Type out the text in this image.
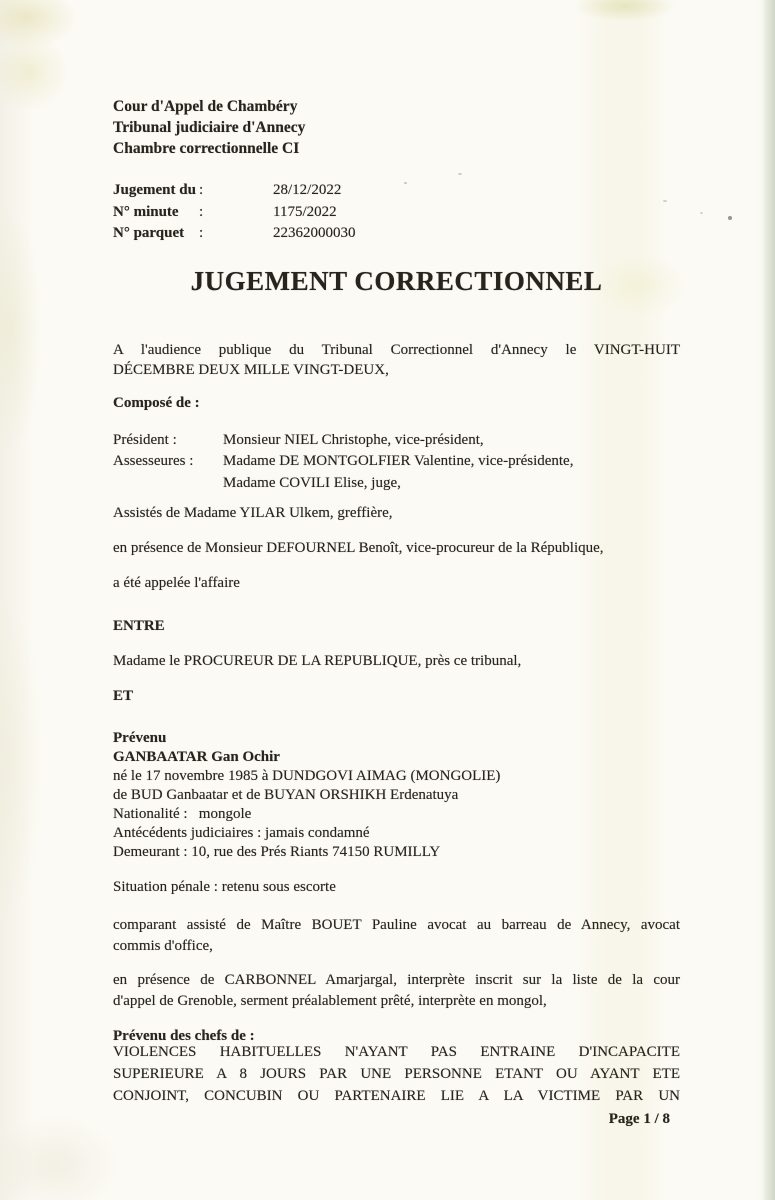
Cour d'Appel de Chambéry
Tribunal judiciaire d'Annecy
Chambre correctionnelle CI
Jugement du :	28/12/2022
N° minute	:	1175/2022
N° parquet :	22362000030
JUGEMENT CORRECTIONNEL
A l'audience publique du Tribunal Correctionnel d'Annecy le VINGT-HUIT
DÉCEMBRE DEUX MILLE VINGT-DEUX,
Composé de :
Président :	Monsieur NIEL Christophe, vice-président,
Assesseures :	Madame DE MONTGOLFIER Valentine, vice-présidente,
Madame COVILI Elise, juge,
Assistés de Madame YILAR Ulkem, greffière,
en présence de Monsieur DEFOURNEL Benoît, vice-procureur de la République,
a été appelée l'affaire
ENTRE
Madame le PROCUREUR DE LA REPUBLIQUE, près ce tribunal,
ET
Prévenu
GANBAATAR Gan Ochir
né le 17 novembre 1985 à DUNDGOVI AIMAG (MONGOLIE)
de BUD Ganbaatar et de BUYAN ORSHIKH Erdenatuya
Nationalité :   mongole
Antécédents judiciaires : jamais condamné
Demeurant : 10, rue des Prés Riants 74150 RUMILLY
Situation pénale : retenu sous escorte
comparant assisté de Maître BOUET Pauline avocat au barreau de Annecy, avocat
commis d'office,
en présence de CARBONNEL Amarjargal, interprète inscrit sur la liste de la cour
d'appel de Grenoble, serment préalablement prêté, interprète en mongol,
Prévenu des chefs de :
VIOLENCES HABITUELLES N'AYANT PAS ENTRAINE D'INCAPACITE
SUPERIEURE A 8 JOURS PAR UNE PERSONNE ETANT OU AYANT ETE
CONJOINT, CONCUBIN OU PARTENAIRE LIE A LA VICTIME PAR UN
Page 1 / 8
